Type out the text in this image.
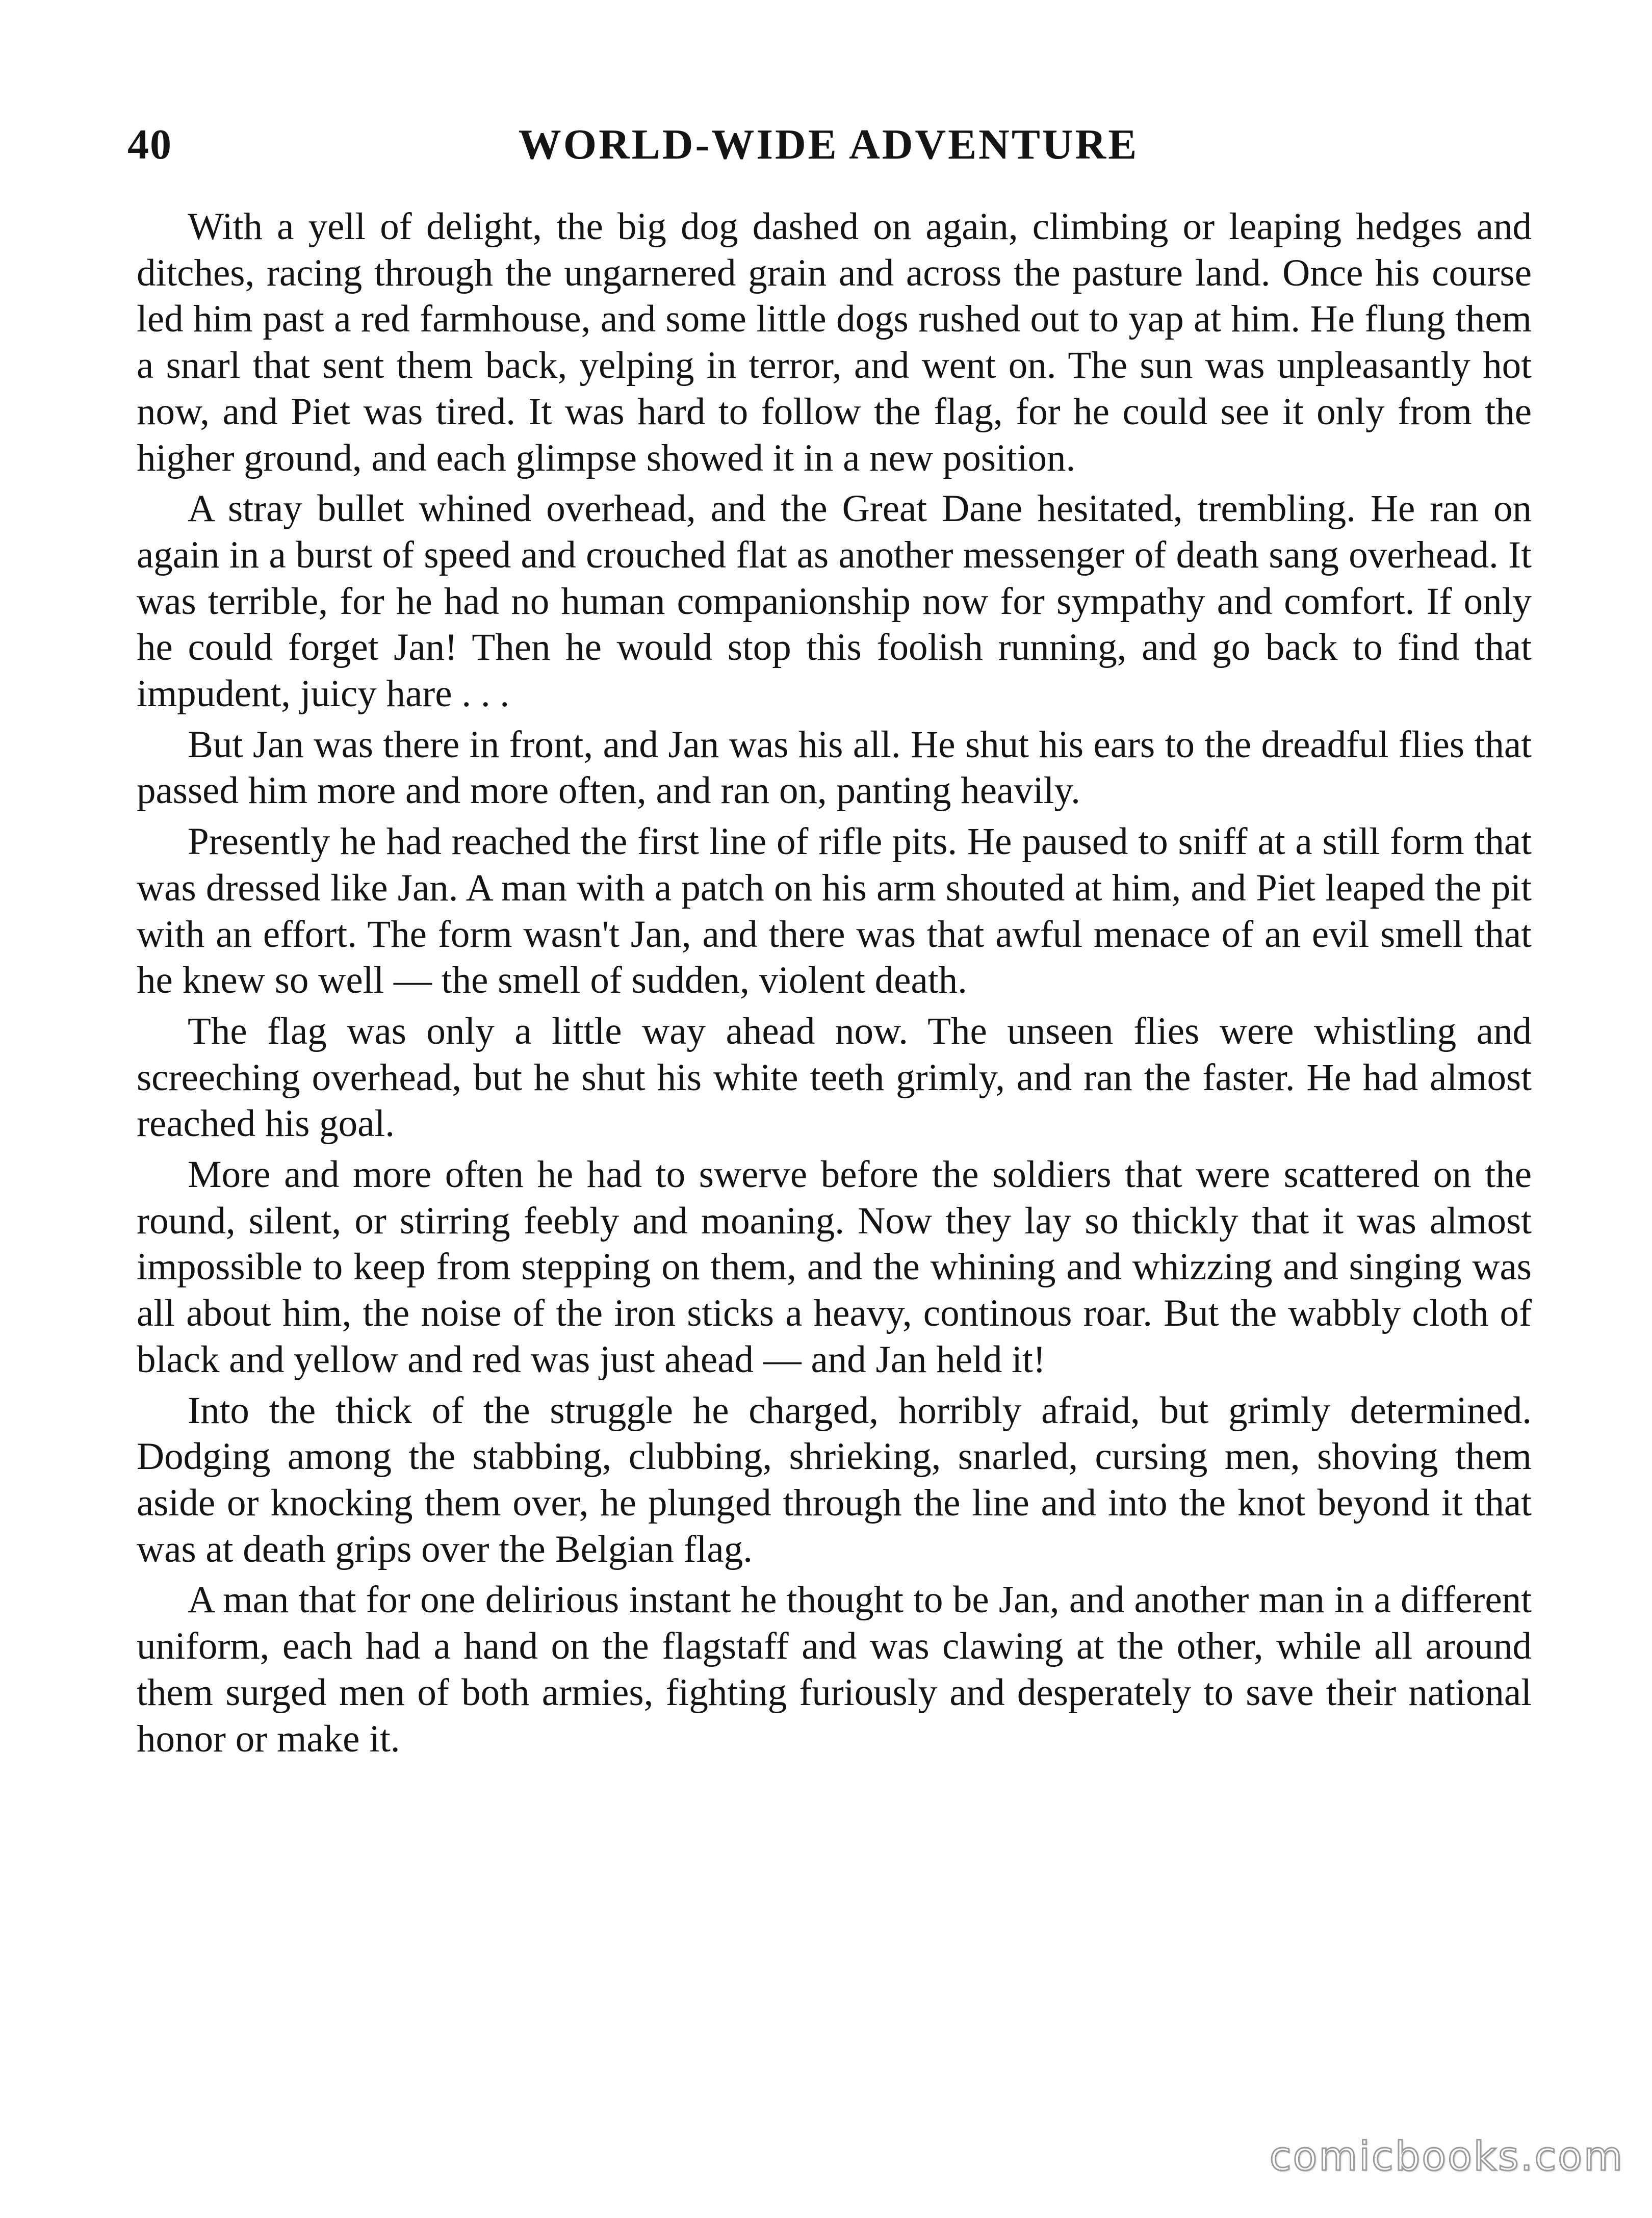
40	WORLD-WIDE ADVENTURE

With a yell of delight, the big dog dashed on again, climbing or leaping hedges and ditches, racing through the ungarnered grain and across the pasture land. Once his course led him past a red farmhouse, and some little dogs rushed out to yap at him. He flung them a snarl that sent them back, yelping in terror, and went on. The sun was unpleasantly hot now, and Piet was tired. It was hard to follow the flag, for he could see it only from the higher ground, and each glimpse showed it in a new position.

A stray bullet whined overhead, and the Great Dane hesitated, trembling. He ran on again in a burst of speed and crouched flat as another messenger of death sang overhead. It was terrible, for he had no human companionship now for sympathy and comfort. If only he could forget Jan! Then he would stop this foolish running, and go back to find that impudent, juicy hare . . .

But Jan was there in front, and Jan was his all. He shut his ears to the dreadful flies that passed him more and more often, and ran on, panting heavily.

Presently he had reached the first line of rifle pits. He paused to sniff at a still form that was dressed like Jan. A man with a patch on his arm shouted at him, and Piet leaped the pit with an effort. The form wasn't Jan, and there was that awful menace of an evil smell that he knew so well — the smell of sudden, violent death.

The flag was only a little way ahead now. The unseen flies were whistling and screeching overhead, but he shut his white teeth grimly, and ran the faster. He had almost reached his goal.

More and more often he had to swerve before the soldiers that were scattered on the round, silent, or stirring feebly and moaning. Now they lay so thickly that it was almost impossible to keep from stepping on them, and the whining and whizzing and singing was all about him, the noise of the iron sticks a heavy, continous roar. But the wabbly cloth of black and yellow and red was just ahead — and Jan held it!

Into the thick of the struggle he charged, horribly afraid, but grimly determined. Dodging among the stabbing, clubbing, shrieking, snarled, cursing men, shoving them aside or knocking them over, he plunged through the line and into the knot beyond it that was at death grips over the Belgian flag.

A man that for one delirious instant he thought to be Jan, and another man in a different uniform, each had a hand on the flagstaff and was clawing at the other, while all around them surged men of both armies, fighting furiously and desperately to save their national honor or make it.

comicbooks.com
